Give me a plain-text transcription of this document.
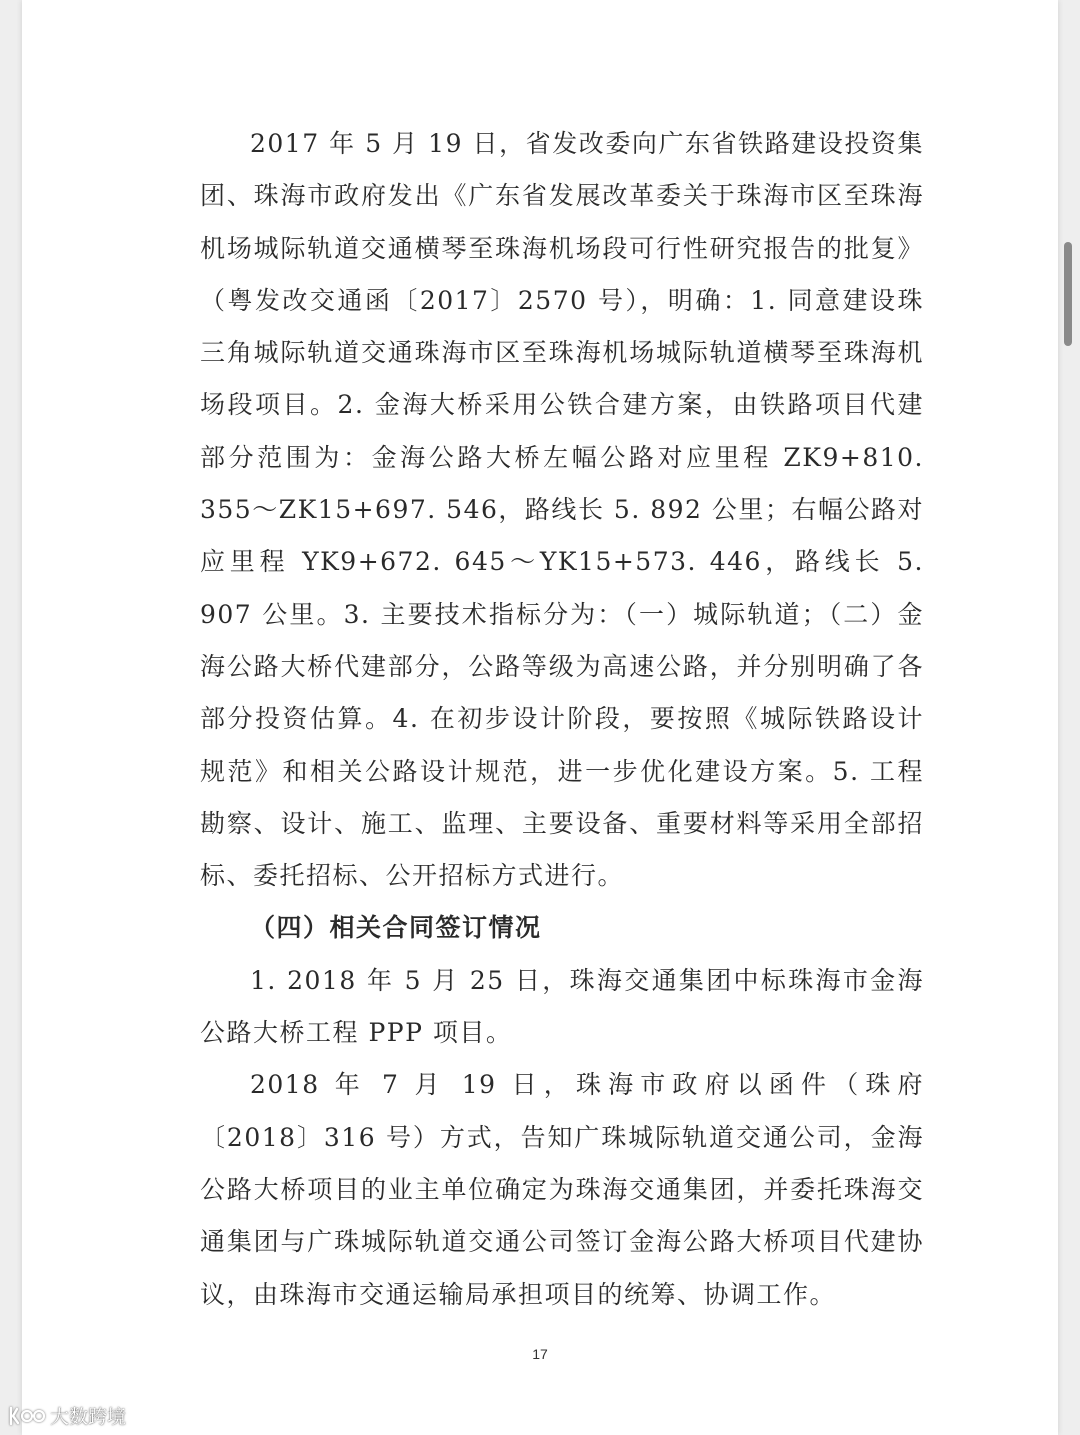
2017 年 5 月 19 日，省发改委向广东省铁路建设投资集团、珠海市政府发出《广东省发展改革委关于珠海市区至珠海机场城际轨道交通横琴至珠海机场段可行性研究报告的批复》（粤发改交通函〔2017〕2570 号），明确：1. 同意建设珠三角城际轨道交通珠海市区至珠海机场城际轨道横琴至珠海机场段项目。2. 金海大桥采用公铁合建方案，由铁路项目代建部分范围为：金海公路大桥左幅公路对应里程 ZK9+810. 355～ZK15+697. 546，路线长 5. 892 公里；右幅公路对应里程 YK9+672. 645～YK15+573. 446，路线长 5. 907 公里。3. 主要技术指标分为：（一）城际轨道；（二）金海公路大桥代建部分，公路等级为高速公路，并分别明确了各部分投资估算。4. 在初步设计阶段，要按照《城际铁路设计规范》和相关公路设计规范，进一步优化建设方案。5. 工程勘察、设计、施工、监理、主要设备、重要材料等采用全部招标、委托招标、公开招标方式进行。

（四）相关合同签订情况

1. 2018 年 5 月 25 日，珠海交通集团中标珠海市金海公路大桥工程 PPP 项目。

2018 年 7 月 19 日，珠海市政府以函件（珠府〔2018〕316 号）方式，告知广珠城际轨道交通公司，金海公路大桥项目的业主单位确定为珠海交通集团，并委托珠海交通集团与广珠城际轨道交通公司签订金海公路大桥项目代建协议，由珠海市交通运输局承担项目的统筹、协调工作。

17
大数跨境
